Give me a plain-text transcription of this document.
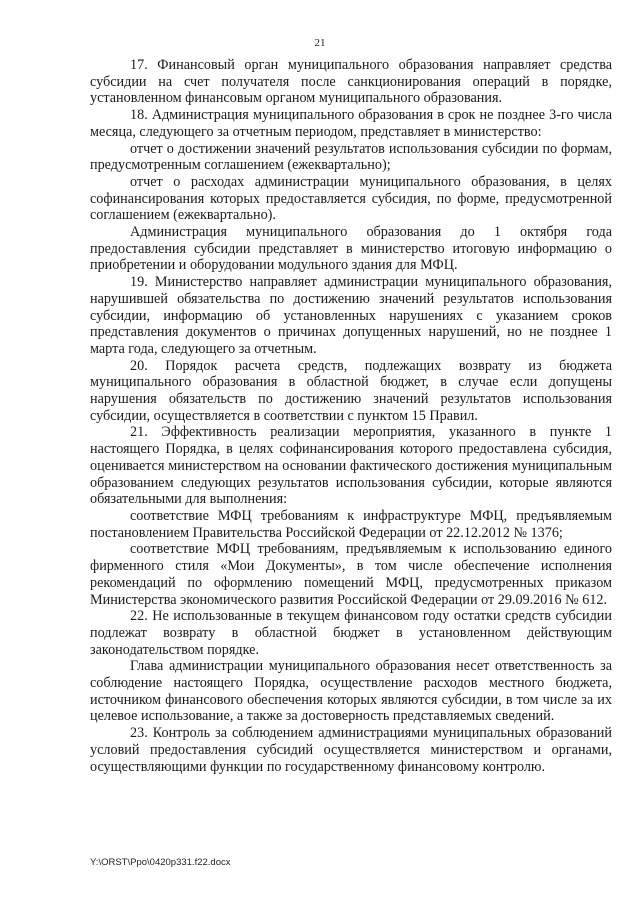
21

17. Финансовый орган муниципального образования направляет средства субсидии на счет получателя после санкционирования операций в порядке, установленном финансовым органом муниципального образования.

18. Администрация муниципального образования в срок не позднее 3-го числа месяца, следующего за отчетным периодом, представляет в министерство:

отчет о достижении значений результатов использования субсидии по формам, предусмотренным соглашением (ежеквартально);

отчет о расходах администрации муниципального образования, в целях софинансирования которых предоставляется субсидия, по форме, предусмотренной соглашением (ежеквартально).

Администрация муниципального образования до 1 октября года предоставления субсидии представляет в министерство итоговую информацию о приобретении и оборудовании модульного здания для МФЦ.

19. Министерство направляет администрации муниципального образования, нарушившей обязательства по достижению значений результатов использования субсидии, информацию об установленных нарушениях с указанием сроков представления документов о причинах допущенных нарушений, но не позднее 1 марта года, следующего за отчетным.

20. Порядок расчета средств, подлежащих возврату из бюджета муниципального образования в областной бюджет, в случае если допущены нарушения обязательств по достижению значений результатов использования субсидии, осуществляется в соответствии с пунктом 15 Правил.

21. Эффективность реализации мероприятия, указанного в пункте 1 настоящего Порядка, в целях софинансирования которого предоставлена субсидия, оценивается министерством на основании фактического достижения муниципальным образованием следующих результатов использования субсидии, которые являются обязательными для выполнения:

соответствие МФЦ требованиям к инфраструктуре МФЦ, предъявляемым постановлением Правительства Российской Федерации от 22.12.2012 № 1376;

соответствие МФЦ требованиям, предъявляемым к использованию единого фирменного стиля «Мои Документы», в том числе обеспечение исполнения рекомендаций по оформлению помещений МФЦ, предусмотренных приказом Министерства экономического развития Российской Федерации от 29.09.2016 № 612.

22. Не использованные в текущем финансовом году остатки средств субсидии подлежат возврату в областной бюджет в установленном действующим законодательством порядке.

Глава администрации муниципального образования несет ответственность за соблюдение настоящего Порядка, осуществление расходов местного бюджета, источником финансового обеспечения которых являются субсидии, в том числе за их целевое использование, а также за достоверность представляемых сведений.

23. Контроль за соблюдением администрациями муниципальных образований условий предоставления субсидий осуществляется министерством и органами, осуществляющими функции по государственному финансовому контролю.

Y:\ORST\Ppo\0420p331.f22.docx
